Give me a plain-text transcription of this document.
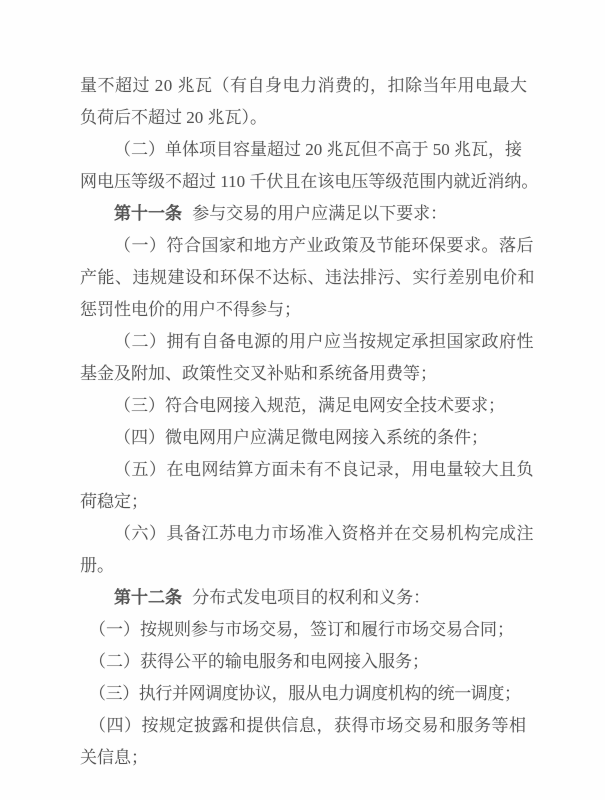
量不超过 20 兆瓦（有自身电力消费的，扣除当年用电最大
负荷后不超过 20 兆瓦）。
（二）单体项目容量超过 20 兆瓦但不高于 50 兆瓦，接
网电压等级不超过 110 千伏且在该电压等级范围内就近消纳。
第十一条 参与交易的用户应满足以下要求：
（一）符合国家和地方产业政策及节能环保要求。落后
产能、违规建设和环保不达标、违法排污、实行差别电价和
惩罚性电价的用户不得参与；
（二）拥有自备电源的用户应当按规定承担国家政府性
基金及附加、政策性交叉补贴和系统备用费等；
（三）符合电网接入规范，满足电网安全技术要求；
（四）微电网用户应满足微电网接入系统的条件；
（五）在电网结算方面未有不良记录，用电量较大且负
荷稳定；
（六）具备江苏电力市场准入资格并在交易机构完成注
册。
第十二条 分布式发电项目的权利和义务：
（一）按规则参与市场交易，签订和履行市场交易合同；
（二）获得公平的输电服务和电网接入服务；
（三）执行并网调度协议，服从电力调度机构的统一调度；
（四）按规定披露和提供信息，获得市场交易和服务等相
关信息；
